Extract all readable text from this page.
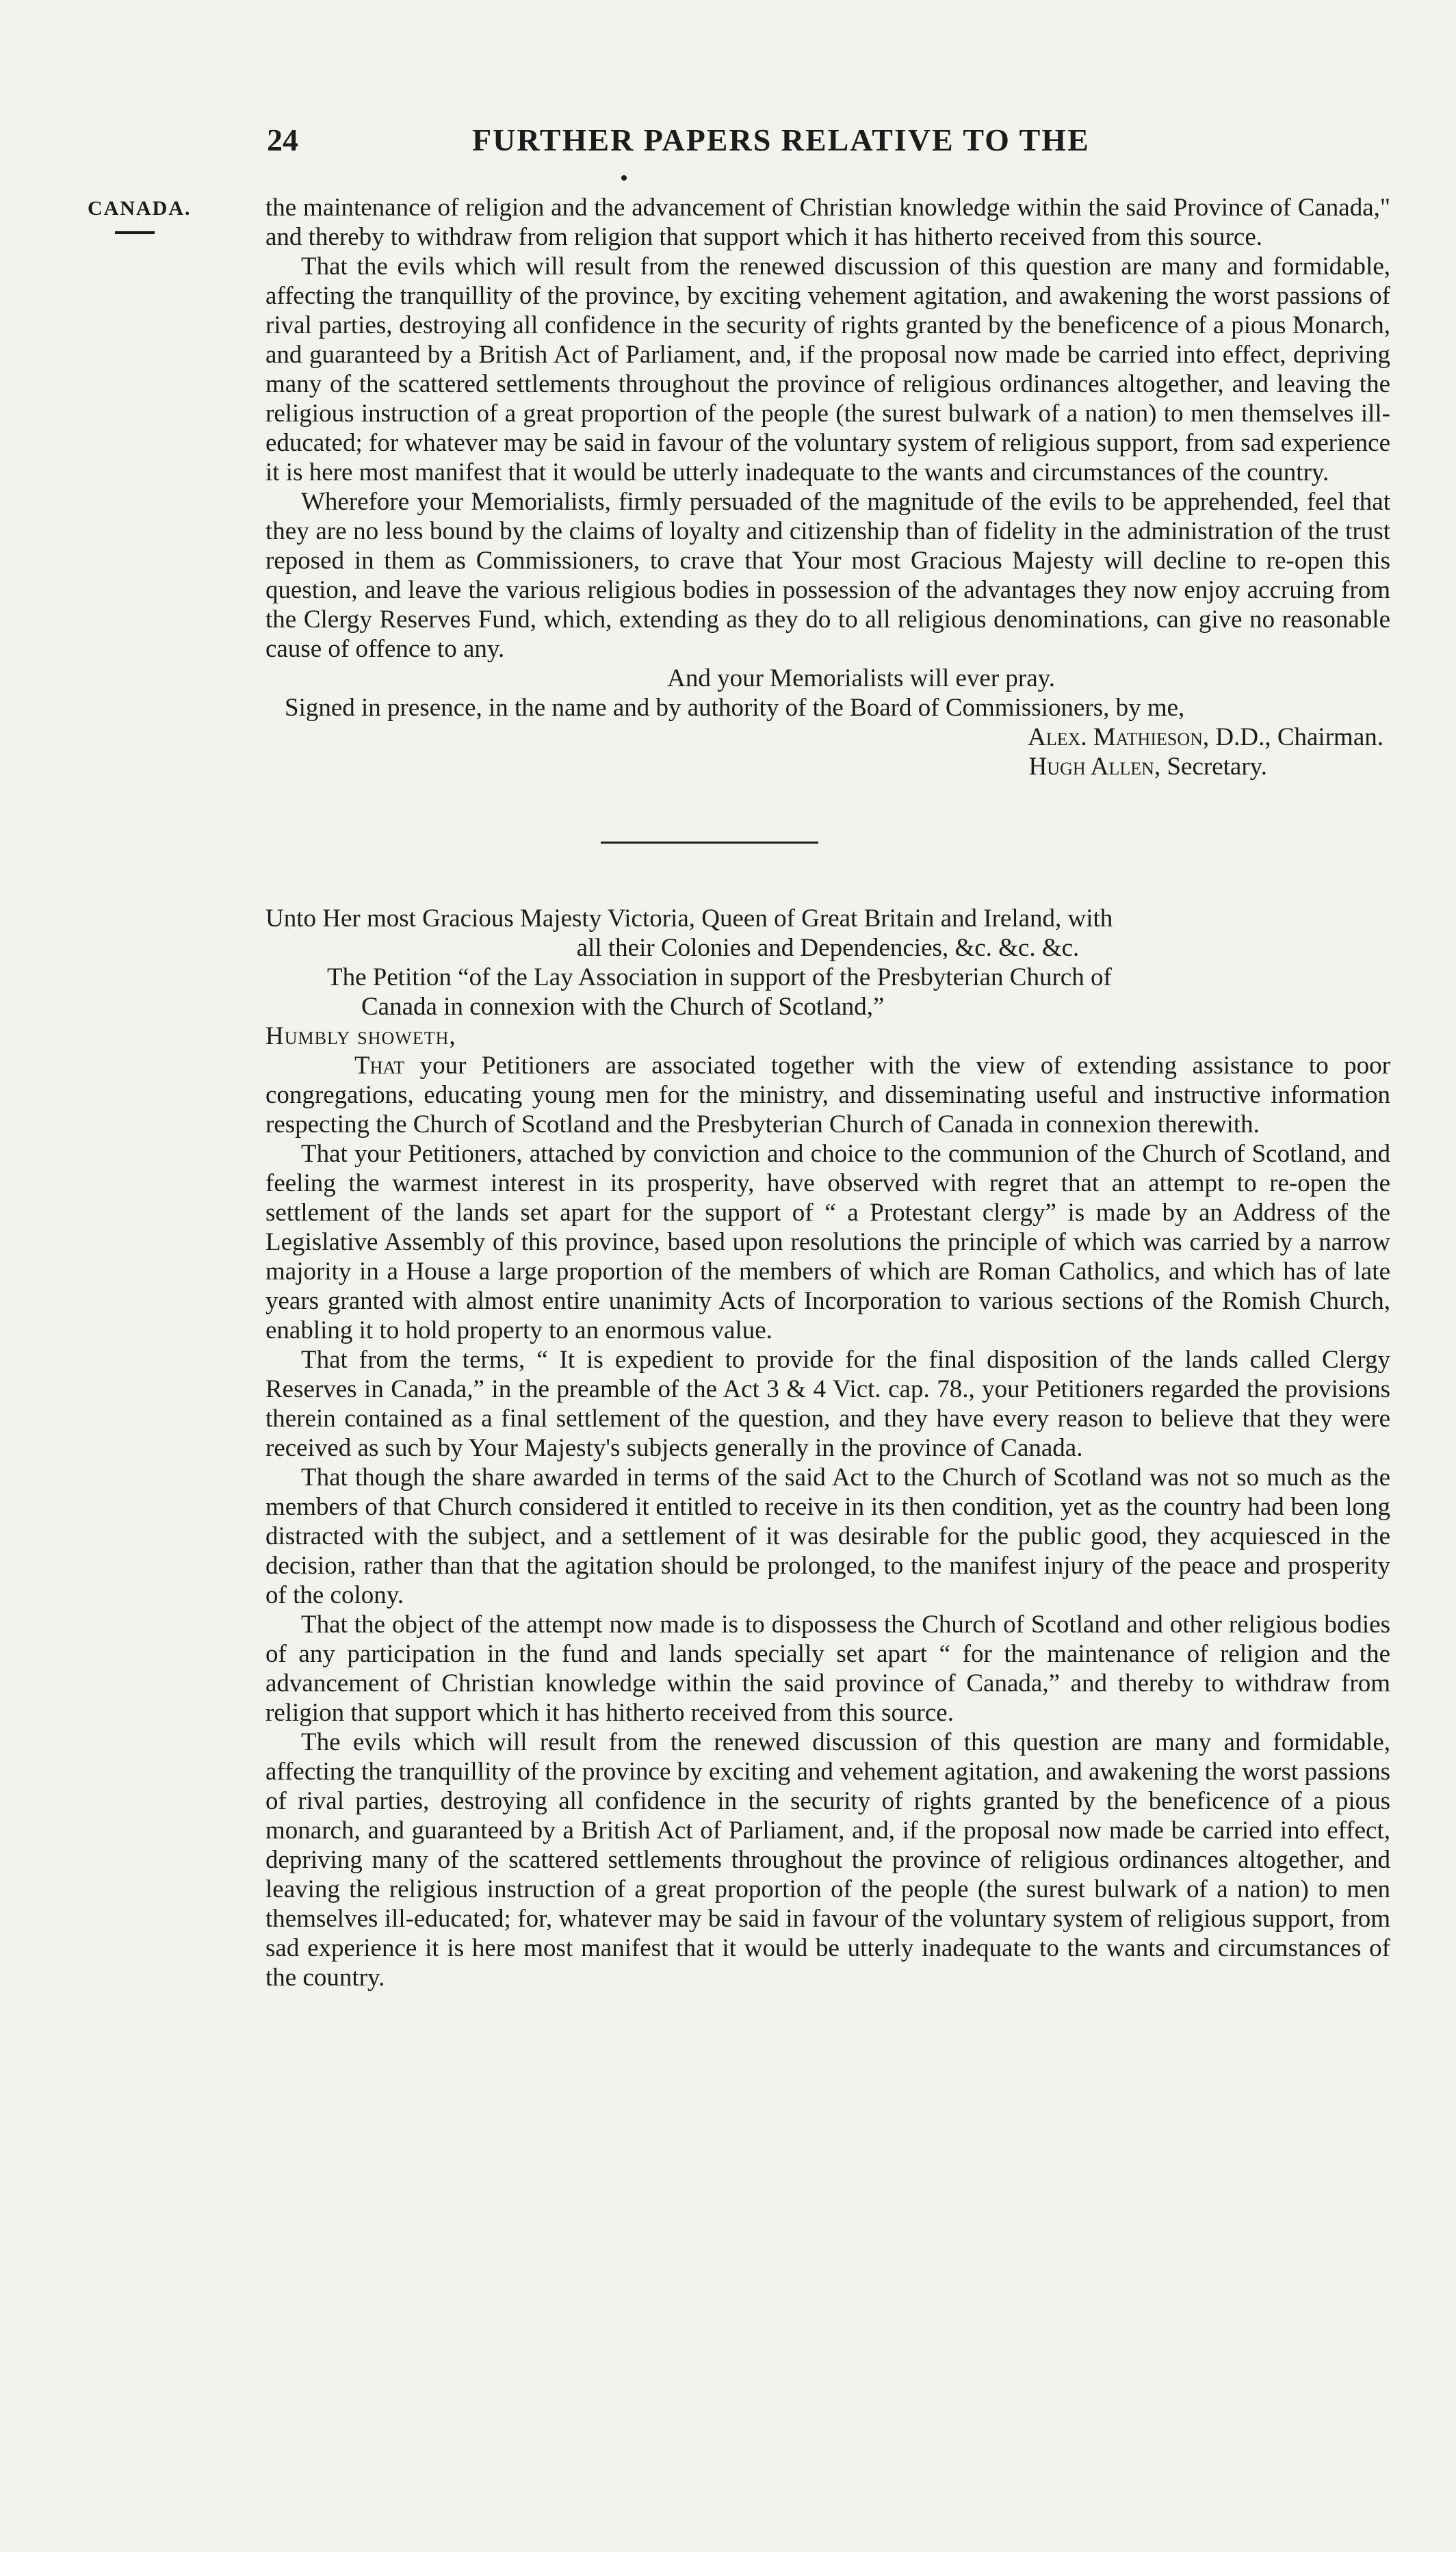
24	FURTHER PAPERS RELATIVE TO THE
CANADA.	the maintenance of religion and the advancement of Christian knowledge within the said Province of Canada," and thereby to withdraw from religion that support which it has hitherto received from this source.

That the evils which will result from the renewed discussion of this question are many and formidable, affecting the tranquillity of the province, by exciting vehement agitation, and awakening the worst passions of rival parties, destroying all confidence in the security of rights granted by the beneficence of a pious Monarch, and guaranteed by a British Act of Parliament, and, if the proposal now made be carried into effect, depriving many of the scattered settlements throughout the province of religious ordinances altogether, and leaving the religious instruction of a great proportion of the people (the surest bulwark of a nation) to men themselves ill-educated; for whatever may be said in favour of the voluntary system of religious support, from sad experience it is here most manifest that it would be utterly inadequate to the wants and circumstances of the country.

Wherefore your Memorialists, firmly persuaded of the magnitude of the evils to be apprehended, feel that they are no less bound by the claims of loyalty and citizenship than of fidelity in the administration of the trust reposed in them as Commissioners, to crave that Your most Gracious Majesty will decline to re-open this question, and leave the various religious bodies in possession of the advantages they now enjoy accruing from the Clergy Reserves Fund, which, extending as they do to all religious denominations, can give no reasonable cause of offence to any.

And your Memorialists will ever pray.

Signed in presence, in the name and by authority of the Board of Commissioners, by me,

Alex. Mathieson, D.D., Chairman.

Hugh Allen, Secretary.

Unto Her most Gracious Majesty Victoria, Queen of Great Britain and Ireland, with
all their Colonies and Dependencies, &c. &c. &c.

The Petition “of the Lay Association in support of the Presbyterian Church of
Canada in connexion with the Church of Scotland,”

Humbly showeth,

That your Petitioners are associated together with the view of extending assistance to poor congregations, educating young men for the ministry, and disseminating useful and instructive information respecting the Church of Scotland and the Presbyterian Church of Canada in connexion therewith.

That your Petitioners, attached by conviction and choice to the communion of the Church of Scotland, and feeling the warmest interest in its prosperity, have observed with regret that an attempt to re-open the settlement of the lands set apart for the support of “ a Protestant clergy” is made by an Address of the Legislative Assembly of this province, based upon resolutions the principle of which was carried by a narrow majority in a House a large proportion of the members of which are Roman Catholics, and which has of late years granted with almost entire unanimity Acts of Incorporation to various sections of the Romish Church, enabling it to hold property to an enormous value.

That from the terms, “ It is expedient to provide for the final disposition of the lands called Clergy Reserves in Canada,” in the preamble of the Act 3 & 4 Vict. cap. 78., your Petitioners regarded the provisions therein contained as a final settlement of the question, and they have every reason to believe that they were received as such by Your Majesty's subjects generally in the province of Canada.

That though the share awarded in terms of the said Act to the Church of Scotland was not so much as the members of that Church considered it entitled to receive in its then condition, yet as the country had been long distracted with the subject, and a settlement of it was desirable for the public good, they acquiesced in the decision, rather than that the agitation should be prolonged, to the manifest injury of the peace and prosperity of the colony.

That the object of the attempt now made is to dispossess the Church of Scotland and other religious bodies of any participation in the fund and lands specially set apart “ for the maintenance of religion and the advancement of Christian knowledge within the said province of Canada,” and thereby to withdraw from religion that support which it has hitherto received from this source.

The evils which will result from the renewed discussion of this question are many and formidable, affecting the tranquillity of the province by exciting and vehement agitation, and awakening the worst passions of rival parties, destroying all confidence in the security of rights granted by the beneficence of a pious monarch, and guaranteed by a British Act of Parliament, and, if the proposal now made be carried into effect, depriving many of the scattered settlements throughout the province of religious ordinances altogether, and leaving the religious instruction of a great proportion of the people (the surest bulwark of a nation) to men themselves ill-educated; for, whatever may be said in favour of the voluntary system of religious support, from sad experience it is here most manifest that it would be utterly inadequate to the wants and circumstances of the country.
